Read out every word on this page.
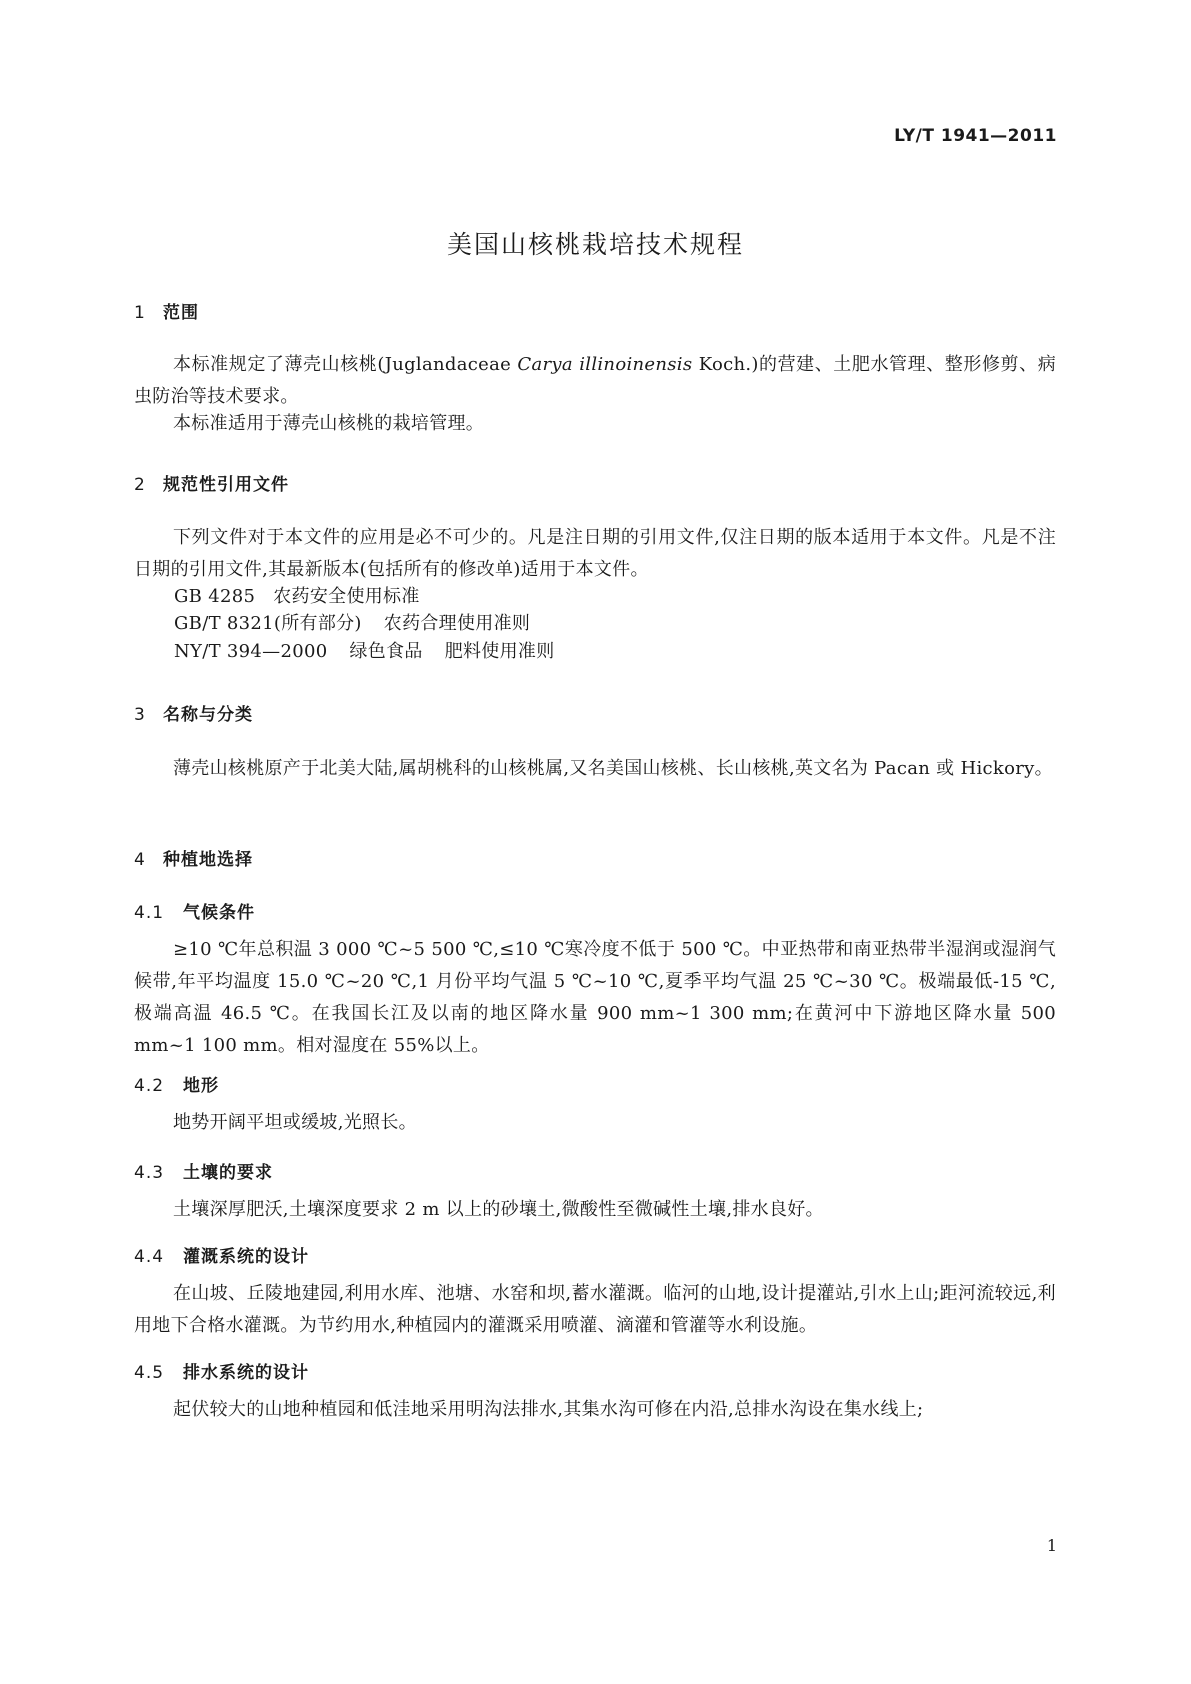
LY/T 1941—2011
美国山核桃栽培技术规程
1 范围

本标准规定了薄壳山核桃(Juglandaceae Carya illinoinensis Koch.)的营建、土肥水管理、整形修剪、病虫防治等技术要求。

本标准适用于薄壳山核桃的栽培管理。

2 规范性引用文件

下列文件对于本文件的应用是必不可少的。凡是注日期的引用文件,仅注日期的版本适用于本文件。凡是不注日期的引用文件,其最新版本(包括所有的修改单)适用于本文件。

GB 4285 农药安全使用标准
GB/T 8321(所有部分) 农药合理使用准则
NY/T 394—2000 绿色食品 肥料使用准则
3 名称与分类

薄壳山核桃原产于北美大陆,属胡桃科的山核桃属,又名美国山核桃、长山核桃,英文名为 Pacan 或 Hickory。

4 种植地选择
4.1 气候条件

≥10 ℃年总积温 3 000 ℃~5 500 ℃,≤10 ℃寒冷度不低于 500 ℃。中亚热带和南亚热带半湿润或湿润气候带,年平均温度 15.0 ℃~20 ℃,1 月份平均气温 5 ℃~10 ℃,夏季平均气温 25 ℃~30 ℃。极端最低-15 ℃,极端高温 46.5 ℃。在我国长江及以南的地区降水量 900 mm~1 300 mm;在黄河中下游地区降水量 500 mm~1 100 mm。相对湿度在 55%以上。

4.2 地形

地势开阔平坦或缓坡,光照长。

4.3 土壤的要求

土壤深厚肥沃,土壤深度要求 2 m 以上的砂壤土,微酸性至微碱性土壤,排水良好。

4.4 灌溉系统的设计

在山坡、丘陵地建园,利用水库、池塘、水窑和坝,蓄水灌溉。临河的山地,设计提灌站,引水上山;距河流较远,利用地下合格水灌溉。为节约用水,种植园内的灌溉采用喷灌、滴灌和管灌等水利设施。

4.5 排水系统的设计

起伏较大的山地种植园和低洼地采用明沟法排水,其集水沟可修在内沿,总排水沟设在集水线上;

1
